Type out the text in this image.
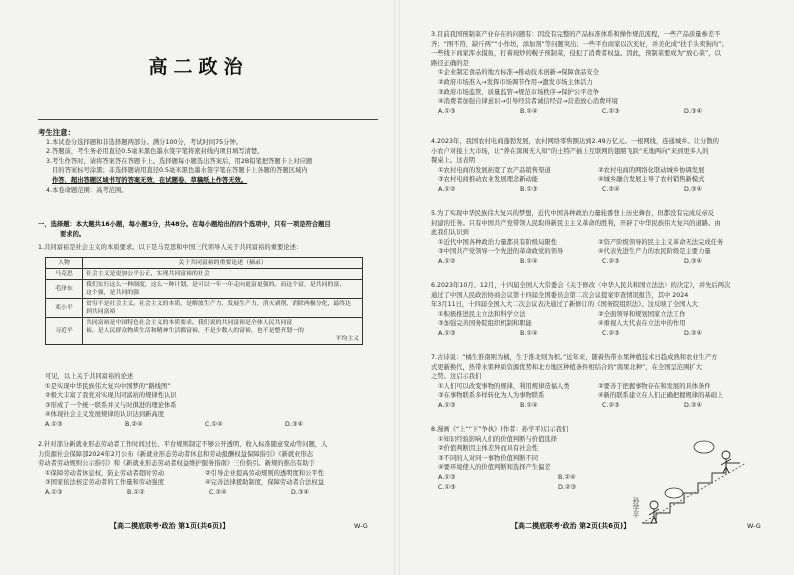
高二政治
考生注意：
1.本试卷分选择题和非选择题两部分。满分100分，考试时间75分钟。
2.答题前，考生务必用直径0.5毫米黑色墨水签字笔将密封线内项目填写清楚。
3.考生作答时，请将答案答在答题卡上。选择题每小题选出答案后，用2B铅笔把答题卡上对应题
目的答案标号涂黑；非选择题请用直径0.5毫米黑色墨水签字笔在答题卡上各题的答题区域内
作答，超出答题区域书写的答案无效，在试题卷、草稿纸上作答无效。
4.本卷命题范围：高考范围。
一、选择题：本大题共16小题，每小题3分，共48分。在每小题给出的四个选项中，只有一项是符合题目
要求的。
1.共同富裕是社会主义的本质要求。以下是马克思和中国三代领导人关于共同富裕的重要论述：
人物	关于共同富裕的重要论述（摘录）
马克思	社会主义是更加公平公正，实现共同富裕的社会

毛泽东	我们实行这么一种制度，这么一种计划，是可以一年一年走向更富更强的。而这个富，是共同的富，
这个强，是共同的强

邓小平	贫穷不是社会主义。社会主义的本质，是解放生产力，发展生产力，消灭剥削，消除两极分化，最终达
到共同富裕

习近平	共同富裕是中国特色社会主义的本质要求。我们说的共同富裕是全体人民共同富
裕，是人民群众物质生活和精神生活都富裕，不是少数人的富裕，也不是整齐划一的
平均主义
可见，以上关于共同富裕的论述
①是实现中华民族伟大复兴中国梦的“路线图”
②极大丰富了我党对实现共同富裕的规律性认识
③形成了一个统一联系并又与时俱进的理论体系
④体现社会主义发展规律的认识达到新高度
A.①③	B.②④	C.①④	D.③④
2.针对部分新就业形态劳动者工作时间过长、平台规则制定不够公开透明、收入标准随意变动等问题，人
力资源社会保障部2024年2月公布《新就业形态劳动者休息和劳动报酬权益保障指引》《新就业形态
劳动者劳动规则公示指引》和《新就业形态劳动者权益维护服务指南》三份指引。新规的推出有助于
①保障劳动者休息权，防止劳动者超时劳动	②引导企业提高劳动规则的透明度和公平性
③国家依法核定劳动者的工作量和劳动强度	④完善法律援助制度，保障劳动者合法权益
A.①③	B.①②	C.②④	D.③④
【高二摸底联考·政治 第1页(共6页)】	W-G
3.目前我国预制菜产业存在的问题有：因没有完整的产品标准体系和操作规范流程，一些产品质量参差不
齐；“图不符，缺斤两”“小作坊，添加剂”等问题突出；一些平台商家以次充好，并美化成“扶手头卖狗肉”；
一些线下商家浑水摸鱼，打着现炒的幌子预制菜，侵犯了消费者权益。因此，预制菜要成为“放心菜”，以
路径正确的是
①企业制定食品的地方标准→推动技术创新→保障食品安全
②政府市场准入→发挥市场调节作用→激发市场主体活力
③政府市场监管、质量监管→规范市场秩序→保护公平竞争
④消费者加强自律意识→引导经营者诚信经营→营造放心消费环境
A.①③	B.①④	C.②③	D.③④
4.2023年，我国农村电商蓬勃发展，农村网络零售额达到2.49万亿元。一根网线，连通城乡。让分散的
小农户对接上大市场，让“养在深闺无人知”的土特产插上互联网的翅膀飞跃“无地两向”来到更多人的
餐桌上。这表明
①农村电商的发展拓宽了农产品销售渠道	②农村电商的网络化联动城乡协调发展
③农村电商推动农业发展理念新动能	④城乡融合发展主导了农村销售新模式
A.①②	B.①③	C.②④	D.③④
5.为了实现中华民族伟大复兴的梦想，近代中国各种政治力量轮番登上历史舞台，但都没有完成反帝反
封建的任务。只有中国共产党带领人民取得新民主主义革命的胜利，开辟了中华民族伟大复兴的道路。由
此我们认识到
①近代中国各种政治力量都具有阶级局限性	②资产阶级领导的民主主义革命无法完成任务
③中国共产党领导一个先进的革命政党的领导	④代表先进生产力的农民阶级是主要力量
A.①②	B.①④	C.②③	D.③④
6.2023年10月、12月，十四届全国人大常委会《关于修改〈中华人民共和国立法法〉的决定》，并先后两次
通过了中国人民政治协商会议第十四届全国委员会第二次会议提案审查情况报告，其中 2024
年3月11日，十四届全国人大二次会议表决通过了新修订的《国务院组织法》。这反映了全国人大
①积极推进民主立法和科学立法	②全面领导和规划国家立法工作
③加强完善国务院组织机制和职能	④重视人大代表在立法中的作用
A.①③	B.①④	C.②③	D.②④
7.古诗说：“橘生淮南则为橘，生于淮北则为枳。”近年来，随着热带水果种植技术日趋成熟和农业生产方
式更新换代，热带水果种质资源优势和北方地区种植条件相结合的“南果北种”，在全国呈范围扩大
之势。这启示我们
①人们可以改变事物的规律，利用规律造福人类	②要善于把握事物存在和发展的具体条件
③在事物联系多样转化为人为事物联系	④新的联系建立在人们正确把握规律的基础上
A.①③	B.①④	C.②③	D.②④
8.漫画《“上”“下”争执》(作者：孙学平)启示我们
①知识经验影响人们的价值判断与价值选择
②价值判断因主体差异而具有社会性
③不同的人对同一事物价值判断不同
④要环境使人的价值判断和选择产生偏差
A.①③	B.②④
C.①③	D.②③
孙学平
【高二摸底联考·政治 第2页(共6页)】	W-G
